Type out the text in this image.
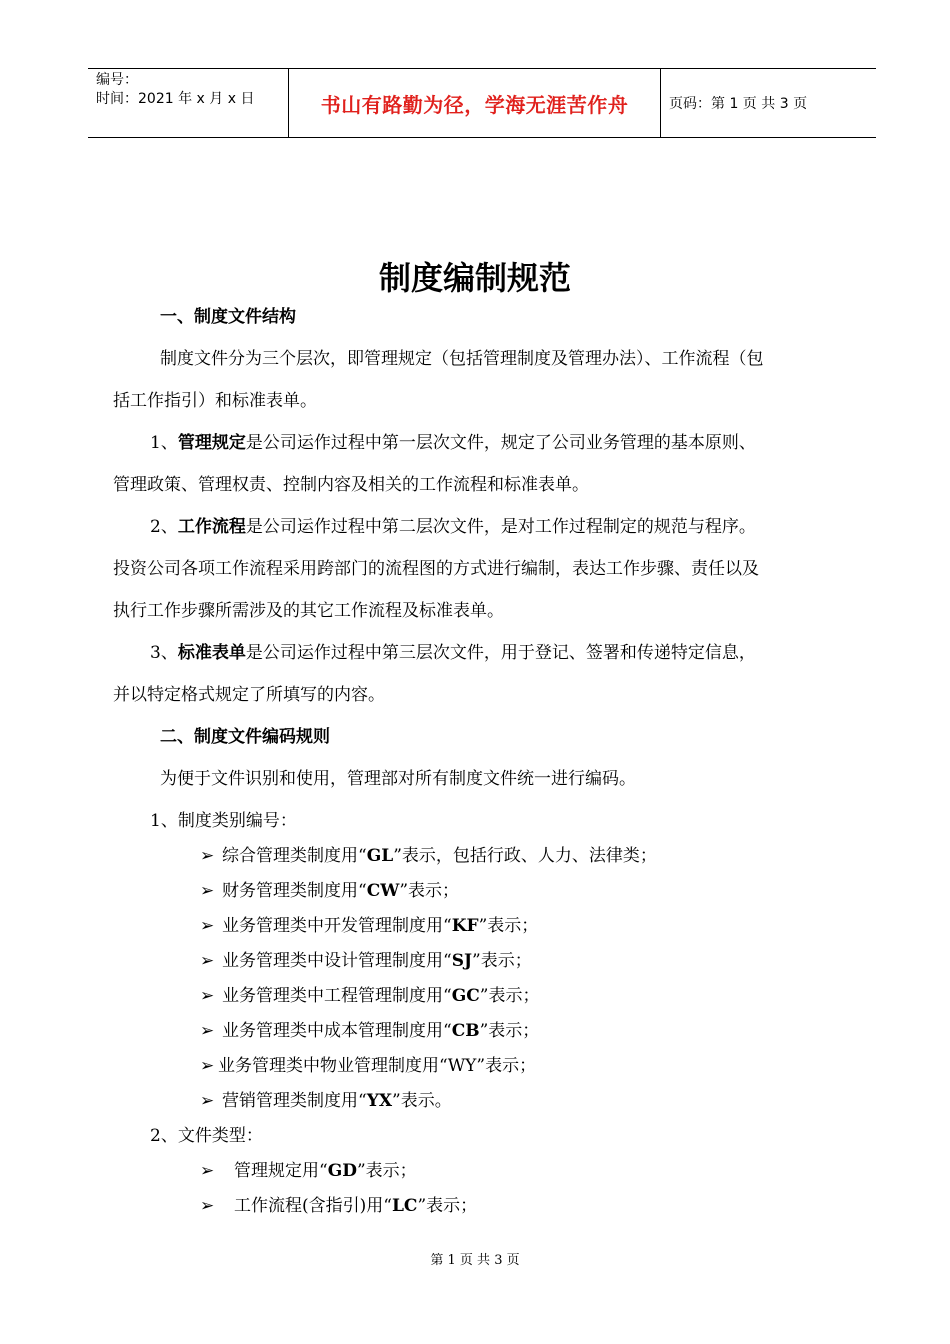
编号：
时间：2021 年 x 月 x 日	书山有路勤为径，学海无涯苦作舟	页码：第 1 页 共 3 页
制度编制规范
一、制度文件结构
制度文件分为三个层次，即管理规定（包括管理制度及管理办法）、工作流程（包
括工作指引）和标准表单。
1、管理规定是公司运作过程中第一层次文件，规定了公司业务管理的基本原则、
管理政策、管理权责、控制内容及相关的工作流程和标准表单。
2、工作流程是公司运作过程中第二层次文件，是对工作过程制定的规范与程序。
投资公司各项工作流程采用跨部门的流程图的方式进行编制，表达工作步骤、责任以及
执行工作步骤所需涉及的其它工作流程及标准表单。
3、标准表单是公司运作过程中第三层次文件，用于登记、签署和传递特定信息，
并以特定格式规定了所填写的内容。
二、制度文件编码规则
为便于文件识别和使用，管理部对所有制度文件统一进行编码。
1、制度类别编号：
➢ 综合管理类制度用“GL”表示，包括行政、人力、法律类；
➢ 财务管理类制度用“CW”表示；
➢ 业务管理类中开发管理制度用“KF”表示；
➢ 业务管理类中设计管理制度用“SJ”表示；
➢ 业务管理类中工程管理制度用“GC”表示；
➢ 业务管理类中成本管理制度用“CB”表示；
➢ 业务管理类中物业管理制度用“WY”表示；
➢ 营销管理类制度用“YX”表示。
2、文件类型：
➢ 管理规定用“GD”表示；
➢ 工作流程(含指引)用“LC”表示；
第 1 页 共 3 页
